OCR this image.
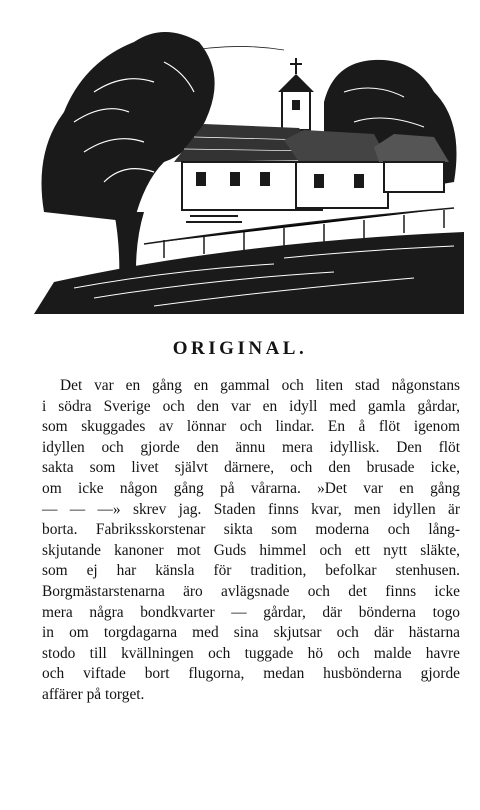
ORIGINAL.
Det var en gång en gammal och liten stad någonstans
i södra Sverige och den var en idyll med gamla gårdar,
som skuggades av lönnar och lindar. En å flöt igenom
idyllen och gjorde den ännu mera idyllisk. Den flöt
sakta som livet självt därnere, och den brusade icke,
om icke någon gång på vårarna. »Det var en gång
— — —» skrev jag. Staden finns kvar, men idyllen är
borta. Fabriksskorstenar sikta som moderna och lång-
skjutande kanoner mot Guds himmel och ett nytt släkte,
som ej har känsla för tradition, befolkar stenhusen.
Borgmästarstenarna äro avlägsnade och det finns icke
mera några bondkvarter — gårdar, där bönderna togo
in om torgdagarna med sina skjutsar och där hästarna
stodo till kvällningen och tuggade hö och malde havre
och viftade bort flugorna, medan husbönderna gjorde
affärer på torget.
